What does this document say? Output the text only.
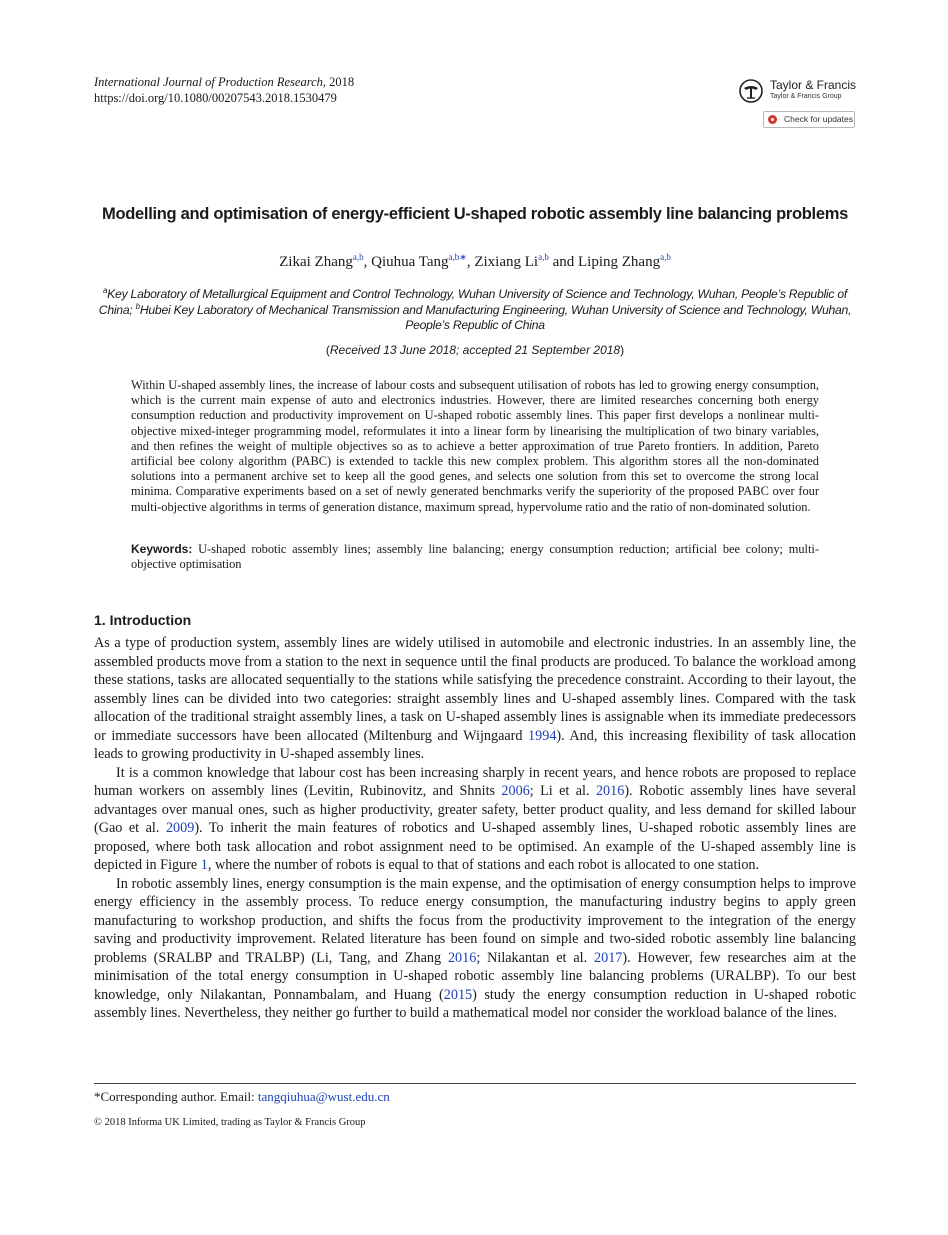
International Journal of Production Research, 2018
https://doi.org/10.1080/00207543.2018.1530479
Taylor & Francis
Taylor & Francis Group
Check for updates
Modelling and optimisation of energy-efficient U-shaped robotic assembly line balancing problems
Zikai Zhang$^{a,b}$, Qiuhua Tang$^{a,b∗}$, Zixiang Li$^{a,b}$ and Liping Zhang$^{a,b}$
$^a$Key Laboratory of Metallurgical Equipment and Control Technology, Wuhan University of Science and Technology, Wuhan, People’s Republic of China; $^b$Hubei Key Laboratory of Mechanical Transmission and Manufacturing Engineering, Wuhan University of Science and Technology, Wuhan, People’s Republic of China
(Received 13 June 2018; accepted 21 September 2018)
Within U-shaped assembly lines, the increase of labour costs and subsequent utilisation of robots has led to growing energy consumption, which is the current main expense of auto and electronics industries. However, there are limited researches concerning both energy consumption reduction and productivity improvement on U-shaped robotic assembly lines. This paper first develops a nonlinear multi-objective mixed-integer programming model, reformulates it into a linear form by linearising the multiplication of two binary variables, and then refines the weight of multiple objectives so as to achieve a better approximation of true Pareto frontiers. In addition, Pareto artificial bee colony algorithm (PABC) is extended to tackle this new complex problem. This algorithm stores all the non-dominated solutions into a permanent archive set to keep all the good genes, and selects one solution from this set to overcome the strong local minima. Comparative experiments based on a set of newly generated benchmarks verify the superiority of the proposed PABC over four multi-objective algorithms in terms of generation distance, maximum spread, hypervolume ratio and the ratio of non-dominated solution.
Keywords: U-shaped robotic assembly lines; assembly line balancing; energy consumption reduction; artificial bee colony; multi-objective optimisation
1. Introduction

As a type of production system, assembly lines are widely utilised in automobile and electronic industries. In an assembly line, the assembled products move from a station to the next in sequence until the final products are produced. To balance the workload among these stations, tasks are allocated sequentially to the stations while satisfying the precedence constraint. According to their layout, the assembly lines can be divided into two categories: straight assembly lines and U-shaped assembly lines. Compared with the task allocation of the traditional straight assembly lines, a task on U-shaped assembly lines is assignable when its immediate predecessors or immediate successors have been allocated (Miltenburg and Wijngaard 1994). And, this increasing flexibility of task allocation leads to growing productivity in U-shaped assembly lines.

It is a common knowledge that labour cost has been increasing sharply in recent years, and hence robots are proposed to replace human workers on assembly lines (Levitin, Rubinovitz, and Shnits 2006; Li et al. 2016). Robotic assembly lines have several advantages over manual ones, such as higher productivity, greater safety, better product quality, and less demand for skilled labour (Gao et al. 2009). To inherit the main features of robotics and U-shaped assembly lines, U-shaped robotic assembly lines are proposed, where both task allocation and robot assignment need to be optimised. An example of the U-shaped assembly line is depicted in Figure 1, where the number of robots is equal to that of stations and each robot is allocated to one station.

In robotic assembly lines, energy consumption is the main expense, and the optimisation of energy consumption helps to improve energy efficiency in the assembly process. To reduce energy consumption, the manufacturing industry begins to apply green manufacturing to workshop production, and shifts the focus from the productivity improvement to the integration of the energy saving and productivity improvement. Related literature has been found on simple and two-sided robotic assembly line balancing problems (SRALBP and TRALBP) (Li, Tang, and Zhang 2016; Nilakantan et al. 2017). However, few researches aim at the minimisation of the total energy consumption in U-shaped robotic assembly line balancing problems (URALBP). To our best knowledge, only Nilakantan, Ponnambalam, and Huang (2015) study the energy consumption reduction in U-shaped robotic assembly lines. Nevertheless, they neither go further to build a mathematical model nor consider the workload balance of the lines.

*Corresponding author. Email: tangqiuhua@wust.edu.cn
© 2018 Informa UK Limited, trading as Taylor & Francis Group
